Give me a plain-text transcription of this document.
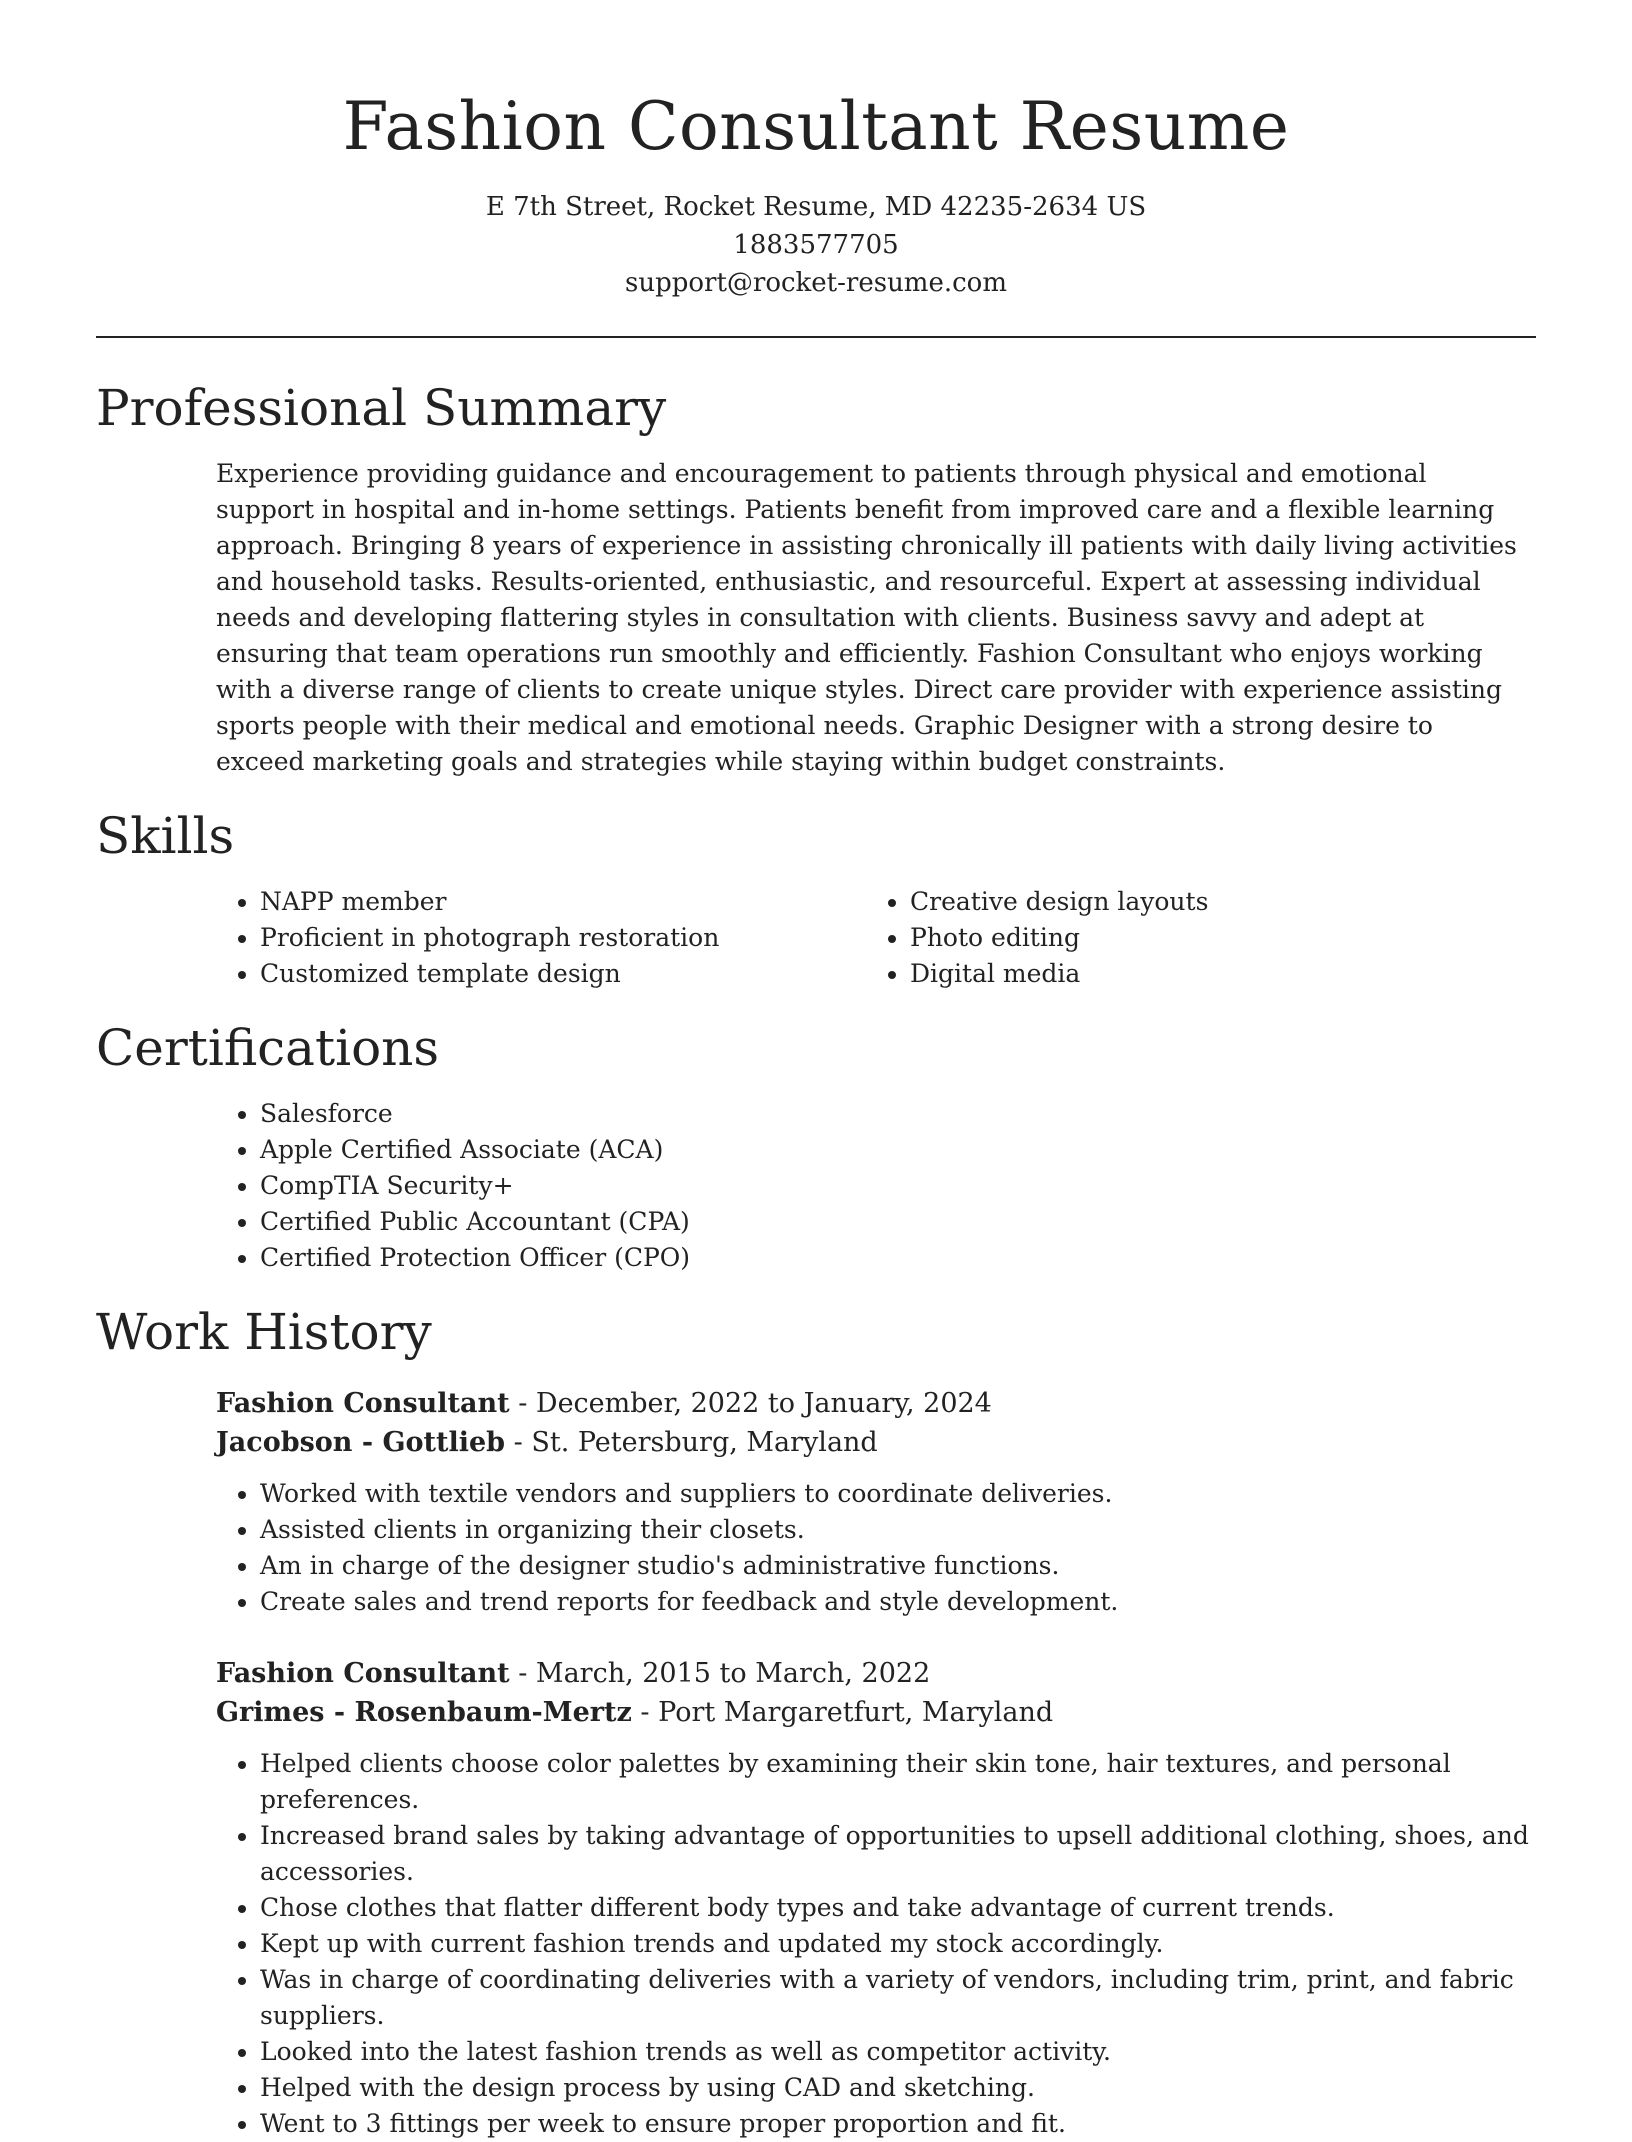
Fashion Consultant Resume
E 7th Street, Rocket Resume, MD 42235-2634 US
1883577705
support@rocket-resume.com
Professional Summary
Experience providing guidance and encouragement to patients through physical and emotional support in hospital and in-home settings. Patients benefit from improved care and a flexible learning approach. Bringing 8 years of experience in assisting chronically ill patients with daily living activities and household tasks. Results-oriented, enthusiastic, and resourceful. Expert at assessing individual needs and developing flattering styles in consultation with clients. Business savvy and adept at ensuring that team operations run smoothly and efficiently. Fashion Consultant who enjoys working with a diverse range of clients to create unique styles. Direct care provider with experience assisting sports people with their medical and emotional needs. Graphic Designer with a strong desire to exceed marketing goals and strategies while staying within budget constraints.
Skills
• NAPP member
• Proficient in photograph restoration
• Customized template design
• Creative design layouts
• Photo editing
• Digital media
Certifications
• Salesforce
• Apple Certified Associate (ACA)
• CompTIA Security+
• Certified Public Accountant (CPA)
• Certified Protection Officer (CPO)
Work History
Fashion Consultant - December, 2022 to January, 2024
Jacobson - Gottlieb - St. Petersburg, Maryland
• Worked with textile vendors and suppliers to coordinate deliveries.
• Assisted clients in organizing their closets.
• Am in charge of the designer studio's administrative functions.
• Create sales and trend reports for feedback and style development.
Fashion Consultant - March, 2015 to March, 2022
Grimes - Rosenbaum-Mertz - Port Margaretfurt, Maryland
• Helped clients choose color palettes by examining their skin tone, hair textures, and personal preferences.
• Increased brand sales by taking advantage of opportunities to upsell additional clothing, shoes, and accessories.
• Chose clothes that flatter different body types and take advantage of current trends.
• Kept up with current fashion trends and updated my stock accordingly.
• Was in charge of coordinating deliveries with a variety of vendors, including trim, print, and fabric suppliers.
• Looked into the latest fashion trends as well as competitor activity.
• Helped with the design process by using CAD and sketching.
• Went to 3 fittings per week to ensure proper proportion and fit.
